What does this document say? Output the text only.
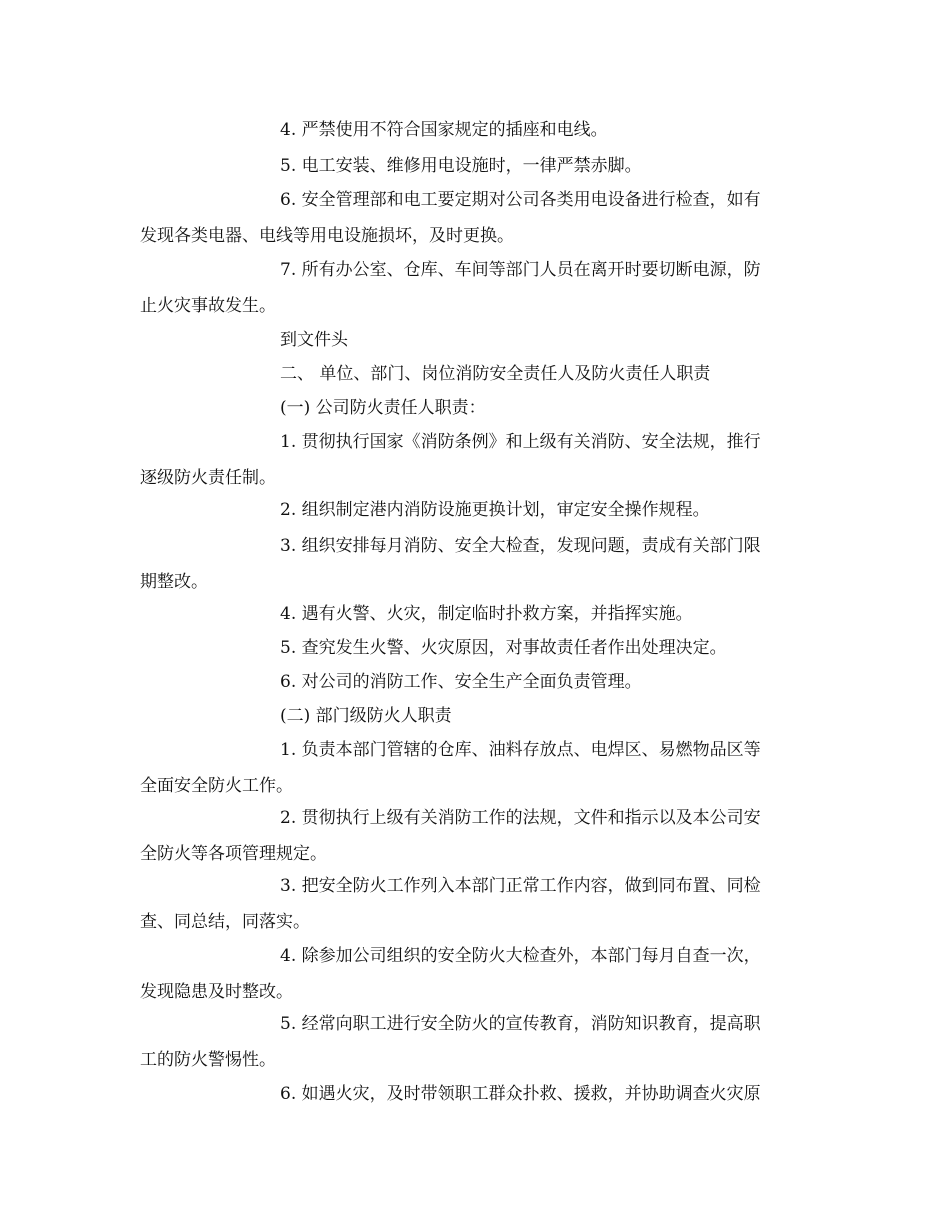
4. 严禁使用不符合国家规定的插座和电线。

5. 电工安装、维修用电设施时，一律严禁赤脚。

6. 安全管理部和电工要定期对公司各类用电设备进行检查，如有
发现各类电器、电线等用电设施损坏，及时更换。

7. 所有办公室、仓库、车间等部门人员在离开时要切断电源，防
止火灾事故发生。

到文件头

二、 单位、部门、岗位消防安全责任人及防火责任人职责

(一) 公司防火责任人职责：

1. 贯彻执行国家《消防条例》和上级有关消防、安全法规，推行
逐级防火责任制。

2. 组织制定港内消防设施更换计划，审定安全操作规程。

3. 组织安排每月消防、安全大检查，发现问题，责成有关部门限
期整改。

4. 遇有火警、火灾，制定临时扑救方案，并指挥实施。

5. 查究发生火警、火灾原因，对事故责任者作出处理决定。

6. 对公司的消防工作、安全生产全面负责管理。

(二) 部门级防火人职责

1. 负责本部门管辖的仓库、油料存放点、电焊区、易燃物品区等
全面安全防火工作。

2. 贯彻执行上级有关消防工作的法规，文件和指示以及本公司安
全防火等各项管理规定。

3. 把安全防火工作列入本部门正常工作内容，做到同布置、同检
查、同总结，同落实。

4. 除参加公司组织的安全防火大检查外，本部门每月自查一次，
发现隐患及时整改。

5. 经常向职工进行安全防火的宣传教育，消防知识教育，提高职
工的防火警惕性。

6. 如遇火灾，及时带领职工群众扑救、援救，并协助调查火灾原
